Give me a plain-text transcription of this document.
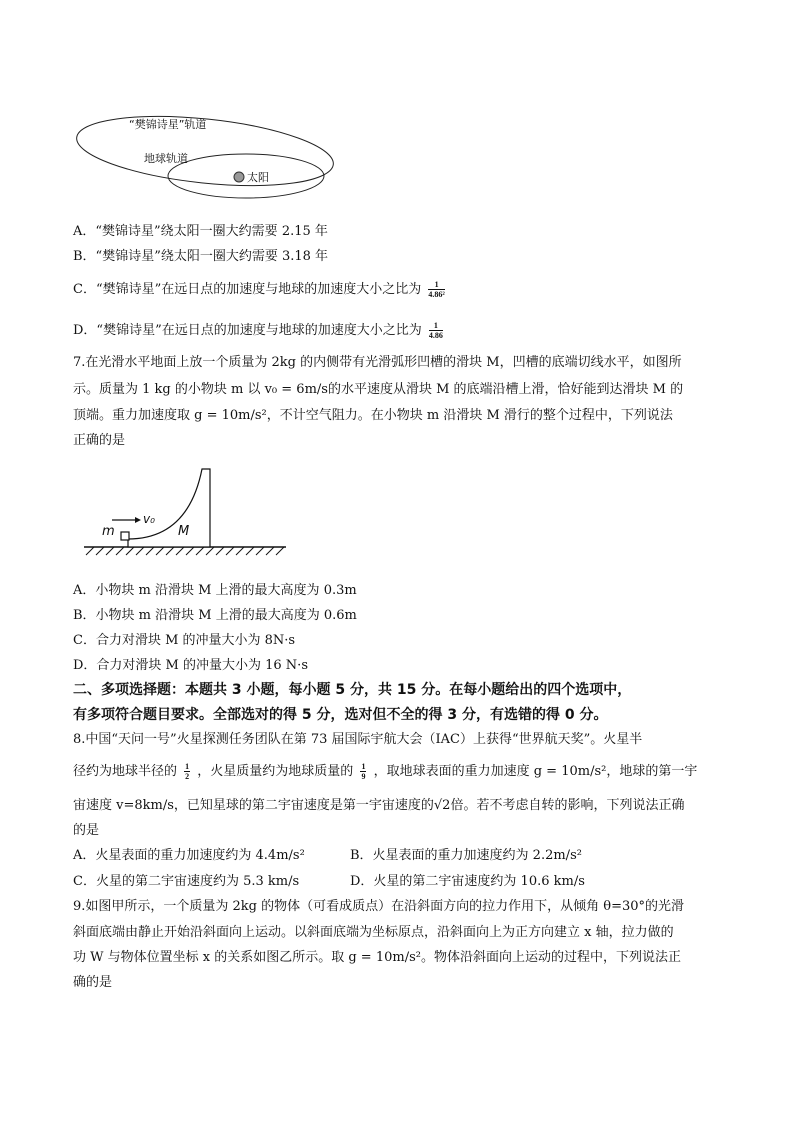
“樊锦诗星”轨道
地球轨道
太阳
A．“樊锦诗星”绕太阳一圈大约需要 2.15 年
B．“樊锦诗星”绕太阳一圈大约需要 3.18 年
C．“樊锦诗星”在远日点的加速度与地球的加速度大小之比为 $\frac{1}{\text{4.86²}}$
D．“樊锦诗星”在远日点的加速度与地球的加速度大小之比为 $\frac{1}{4.86}$
7.在光滑水平地面上放一个质量为 2kg 的内侧带有光滑弧形凹槽的滑块 M，凹槽的底端切线水平，如图所
示。质量为 1 kg 的小物块 m 以 v₀ = 6m/s的水平速度从滑块 M 的底端沿槽上滑，恰好能到达滑块 M 的
顶端。重力加速度取 g = 10m/s²，不计空气阻力。在小物块 m 沿滑块 M 滑行的整个过程中，下列说法
正确的是
m
v₀
M
A．小物块 m 沿滑块 M 上滑的最大高度为 0.3m
B．小物块 m 沿滑块 M 上滑的最大高度为 0.6m
C．合力对滑块 M 的冲量大小为 8N·s
D．合力对滑块 M 的冲量大小为 16 N·s
二、多项选择题：本题共 3 小题，每小题 5 分，共 15 分。在每小题给出的四个选项中，
有多项符合题目要求。全部选对的得 5 分，选对但不全的得 3 分，有选错的得 0 分。
8.中国“天问一号”火星探测任务团队在第 73 届国际宇航大会（IAC）上获得“世界航天奖”。火星半
径约为地球半径的 $\frac{1}{2}$ ，火星质量约为地球质量的 $\frac{1}{9}$ ，取地球表面的重力加速度 g = 10m/s²，地球的第一宇
宙速度 v=8km/s，已知星球的第二宇宙速度是第一宇宙速度的√2倍。若不考虑自转的影响，下列说法正确
的是
A．火星表面的重力加速度约为 4.4m/s²	B．火星表面的重力加速度约为 2.2m/s²
C．火星的第二宇宙速度约为 5.3 km/s	D．火星的第二宇宙速度约为 10.6 km/s
9.如图甲所示，一个质量为 2kg 的物体（可看成质点）在沿斜面方向的拉力作用下，从倾角 θ=30°的光滑
斜面底端由静止开始沿斜面向上运动。以斜面底端为坐标原点，沿斜面向上为正方向建立 x 轴，拉力做的
功 W 与物体位置坐标 x 的关系如图乙所示。取 g = 10m/s²。物体沿斜面向上运动的过程中，下列说法正
确的是
